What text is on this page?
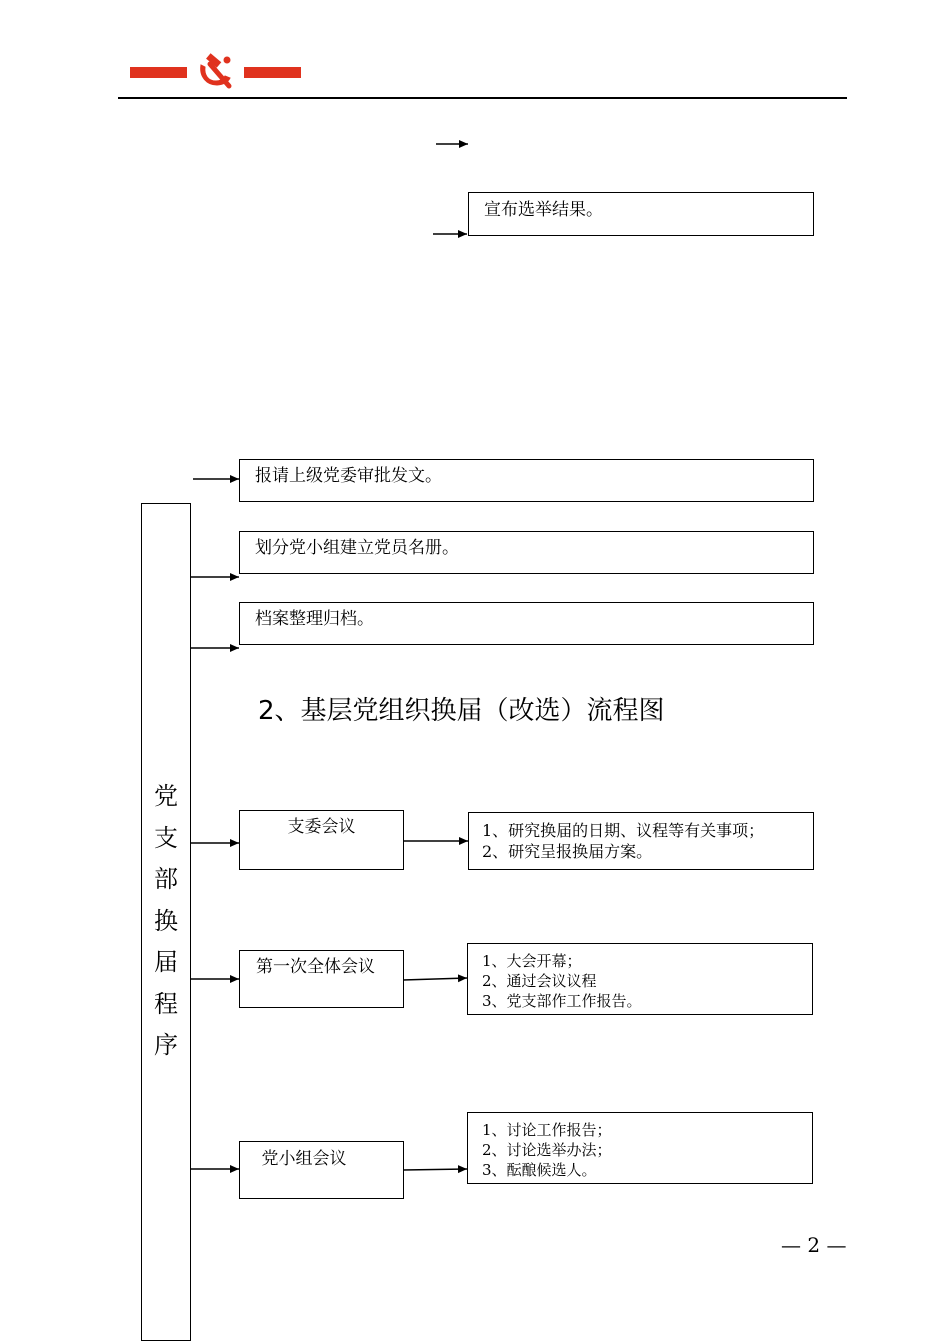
宣布选举结果。
报请上级党委审批发文。
划分党小组建立党员名册。
档案整理归档。
2、基层党组织换届（改选）流程图
党
支
部
换
届
程
序
支委会议	1、研究换届的日期、议程等有关事项；
2、研究呈报换届方案。
第一次全体会议	1、大会开幕；
2、通过会议议程
3、党支部作工作报告。
党小组会议
1、讨论工作报告；
2、讨论选举办法；
3、酝酿候选人。
— 2 —
